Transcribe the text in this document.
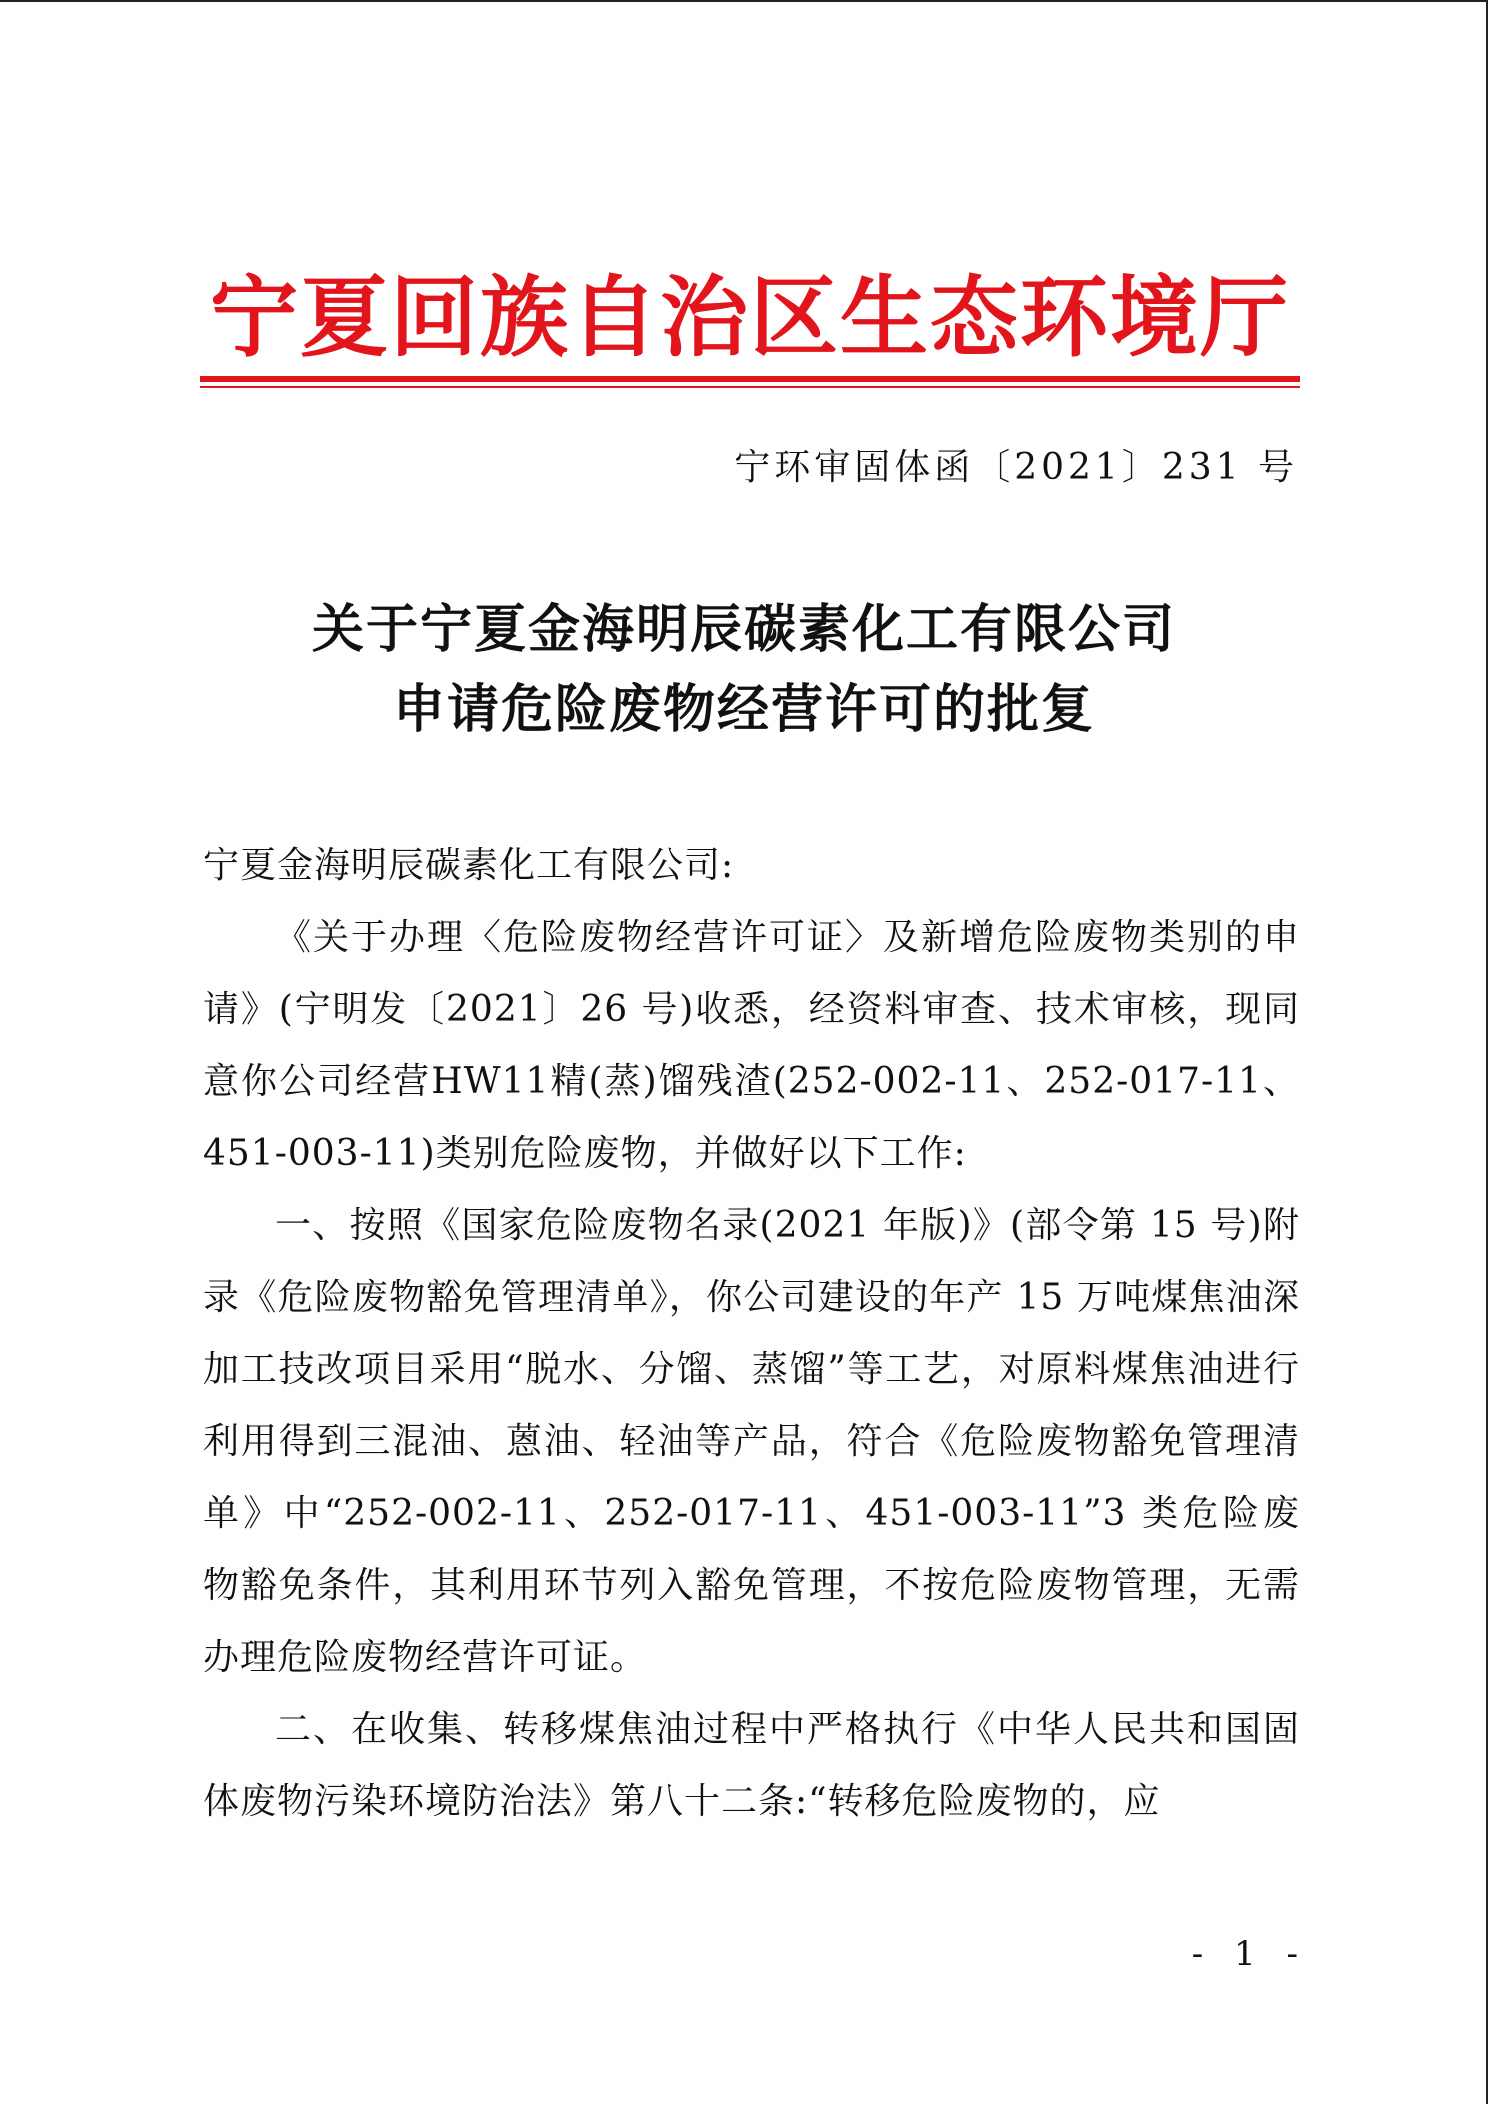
宁夏回族自治区生态环境厅
宁环审固体函〔2021〕231 号
关于宁夏金海明辰碳素化工有限公司
申请危险废物经营许可的批复

宁夏金海明辰碳素化工有限公司:

《关于办理〈危险废物经营许可证〉及新增危险废物类别的申请》(宁明发〔2021〕26 号)收悉，经资料审查、技术审核，现同意你公司经营HW11精(蒸)馏残渣(252-002-11、252-017-11、451-003-11)类别危险废物，并做好以下工作:

一、按照《国家危险废物名录(2021 年版)》(部令第 15 号)附录《危险废物豁免管理清单》，你公司建设的年产 15 万吨煤焦油深加工技改项目采用“脱水、分馏、蒸馏”等工艺，对原料煤焦油进行利用得到三混油、蒽油、轻油等产品，符合《危险废物豁免管理清单》中“252-002-11、252-017-11、451-003-11”3 类危险废物豁免条件，其利用环节列入豁免管理，不按危险废物管理，无需办理危险废物经营许可证。

二、在收集、转移煤焦油过程中严格执行《中华人民共和国固体废物污染环境防治法》第八十二条:“转移危险废物的，应

- 1 -
